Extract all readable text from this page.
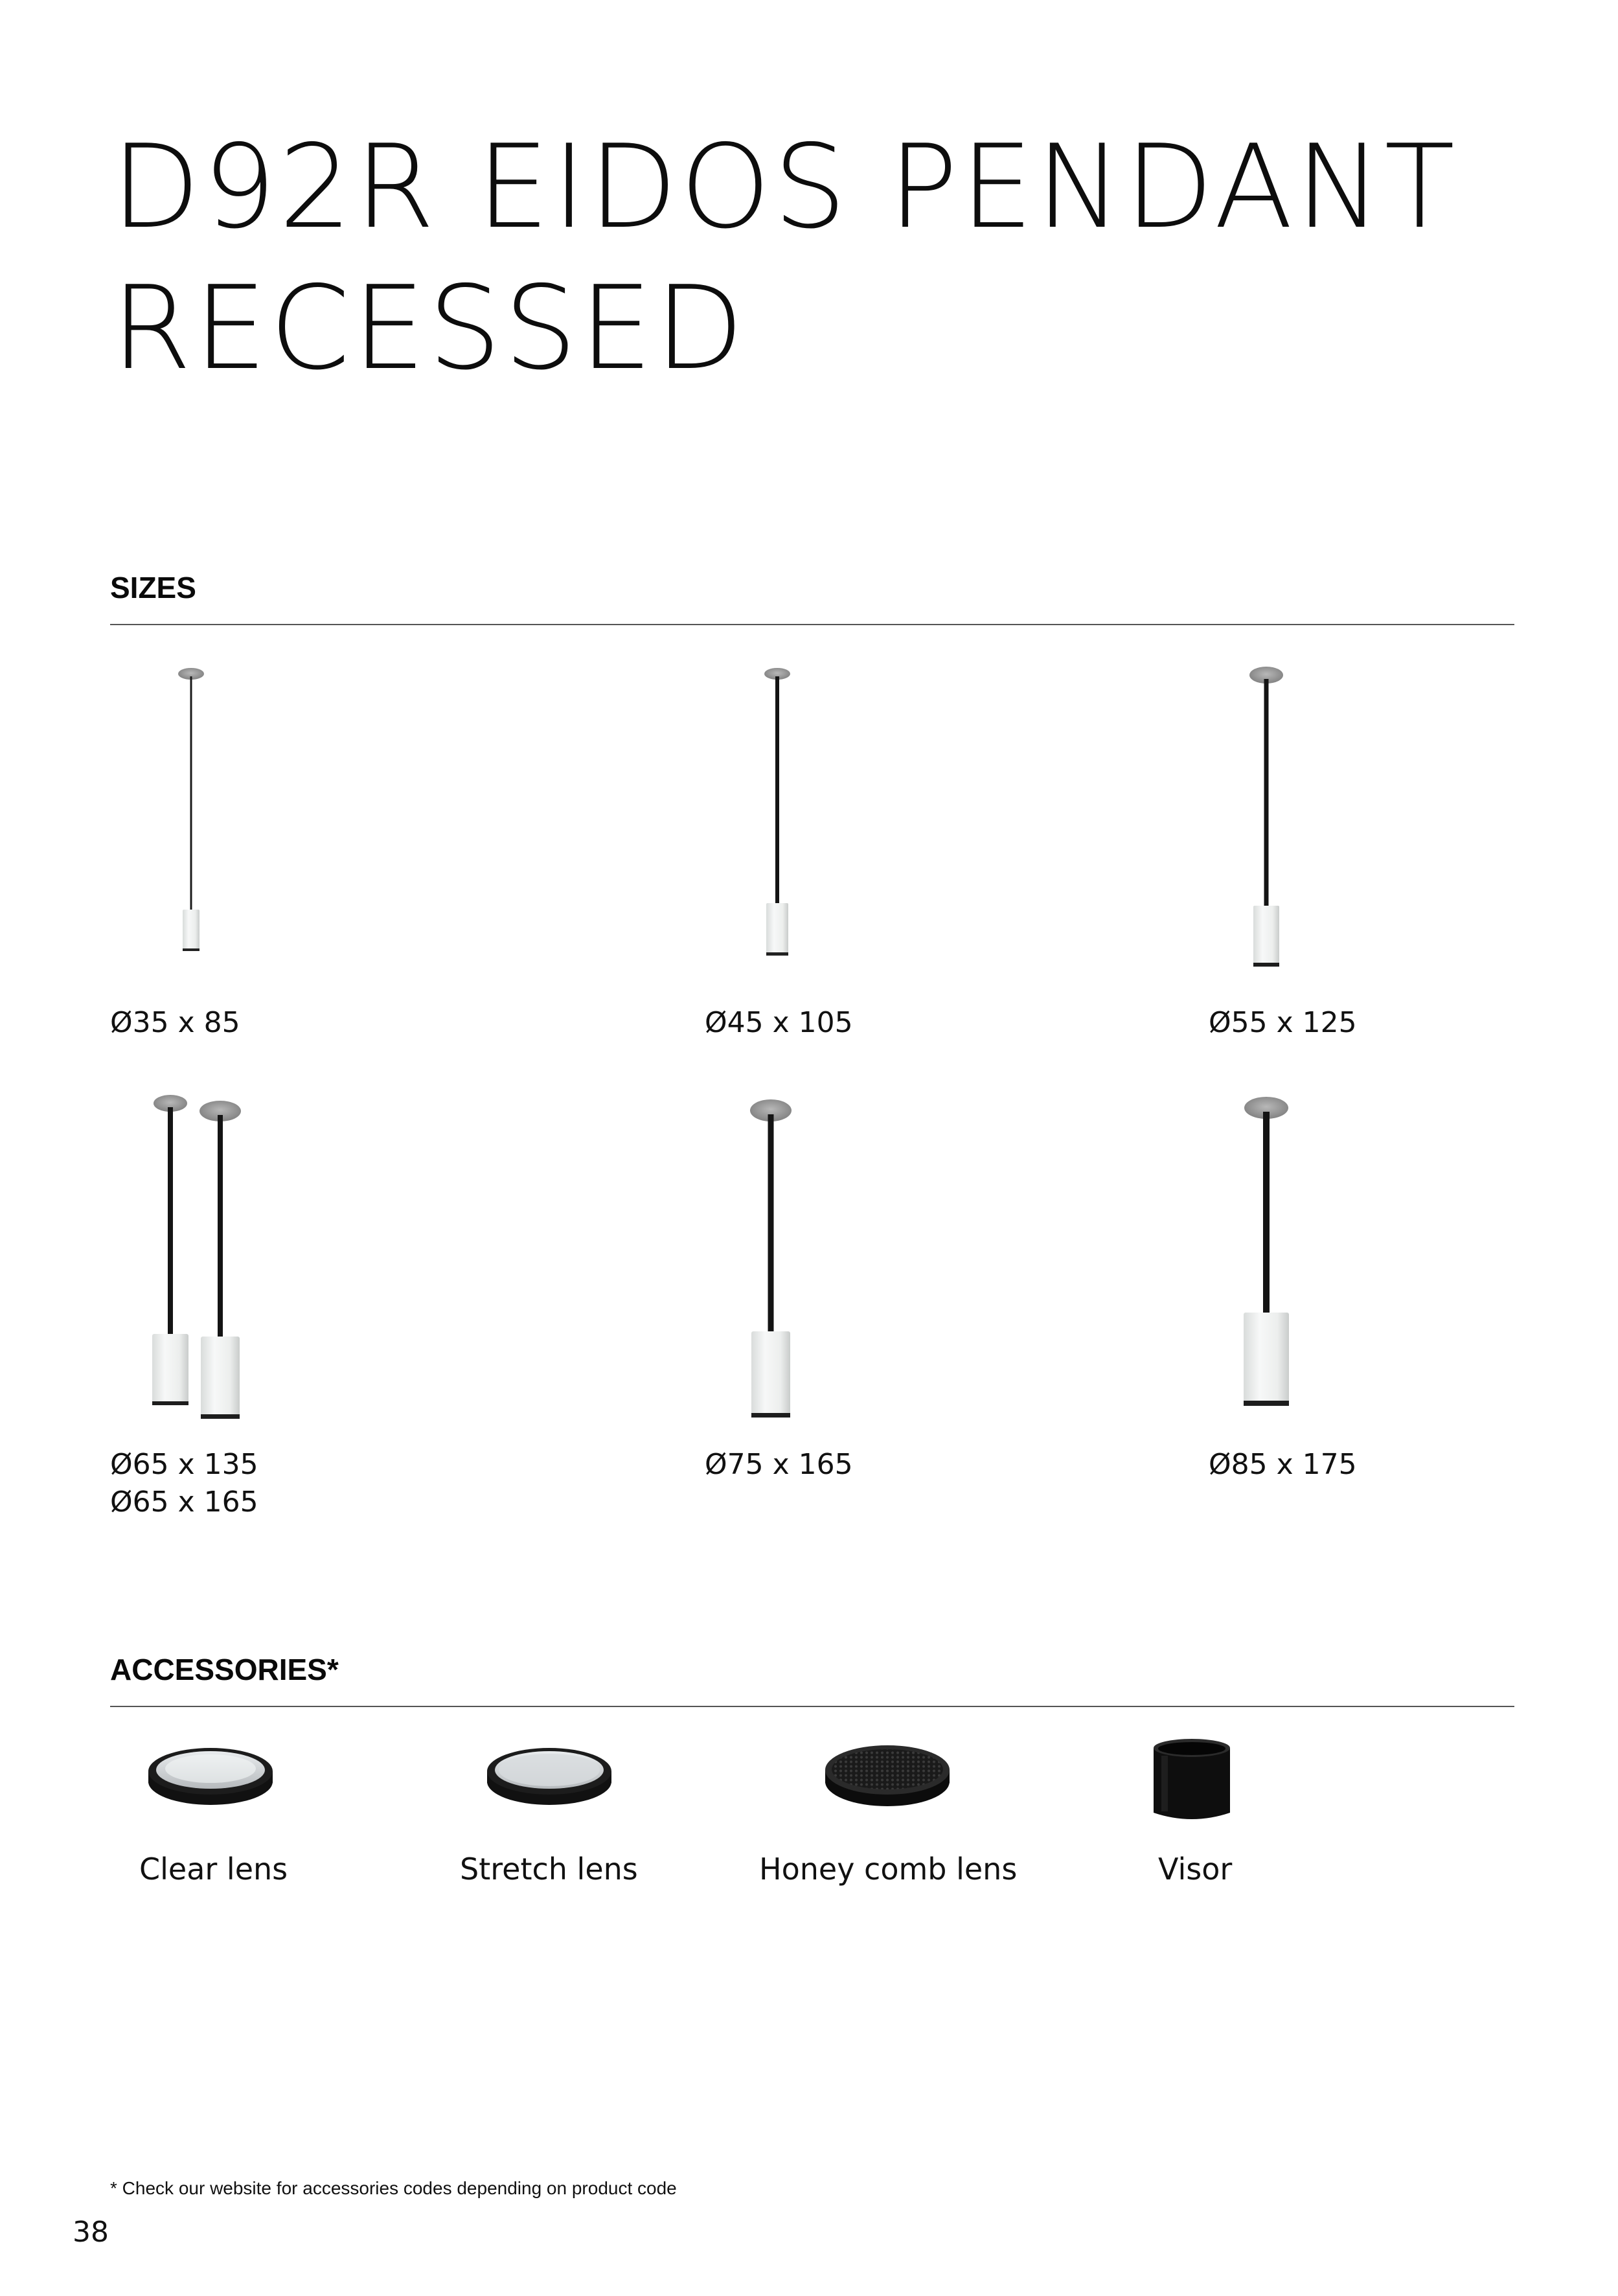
D92R EIDOS PENDANT
RECESSED
SIZES
Ø35 x 85	Ø45 x 105	Ø55 x 125
Ø65 x 135
Ø65 x 165
Ø75 x 165	Ø85 x 175
ACCESSORIES*
Clear lens	Stretch lens	Honey comb lens	Visor
* Check our website for accessories codes depending on product code
38
